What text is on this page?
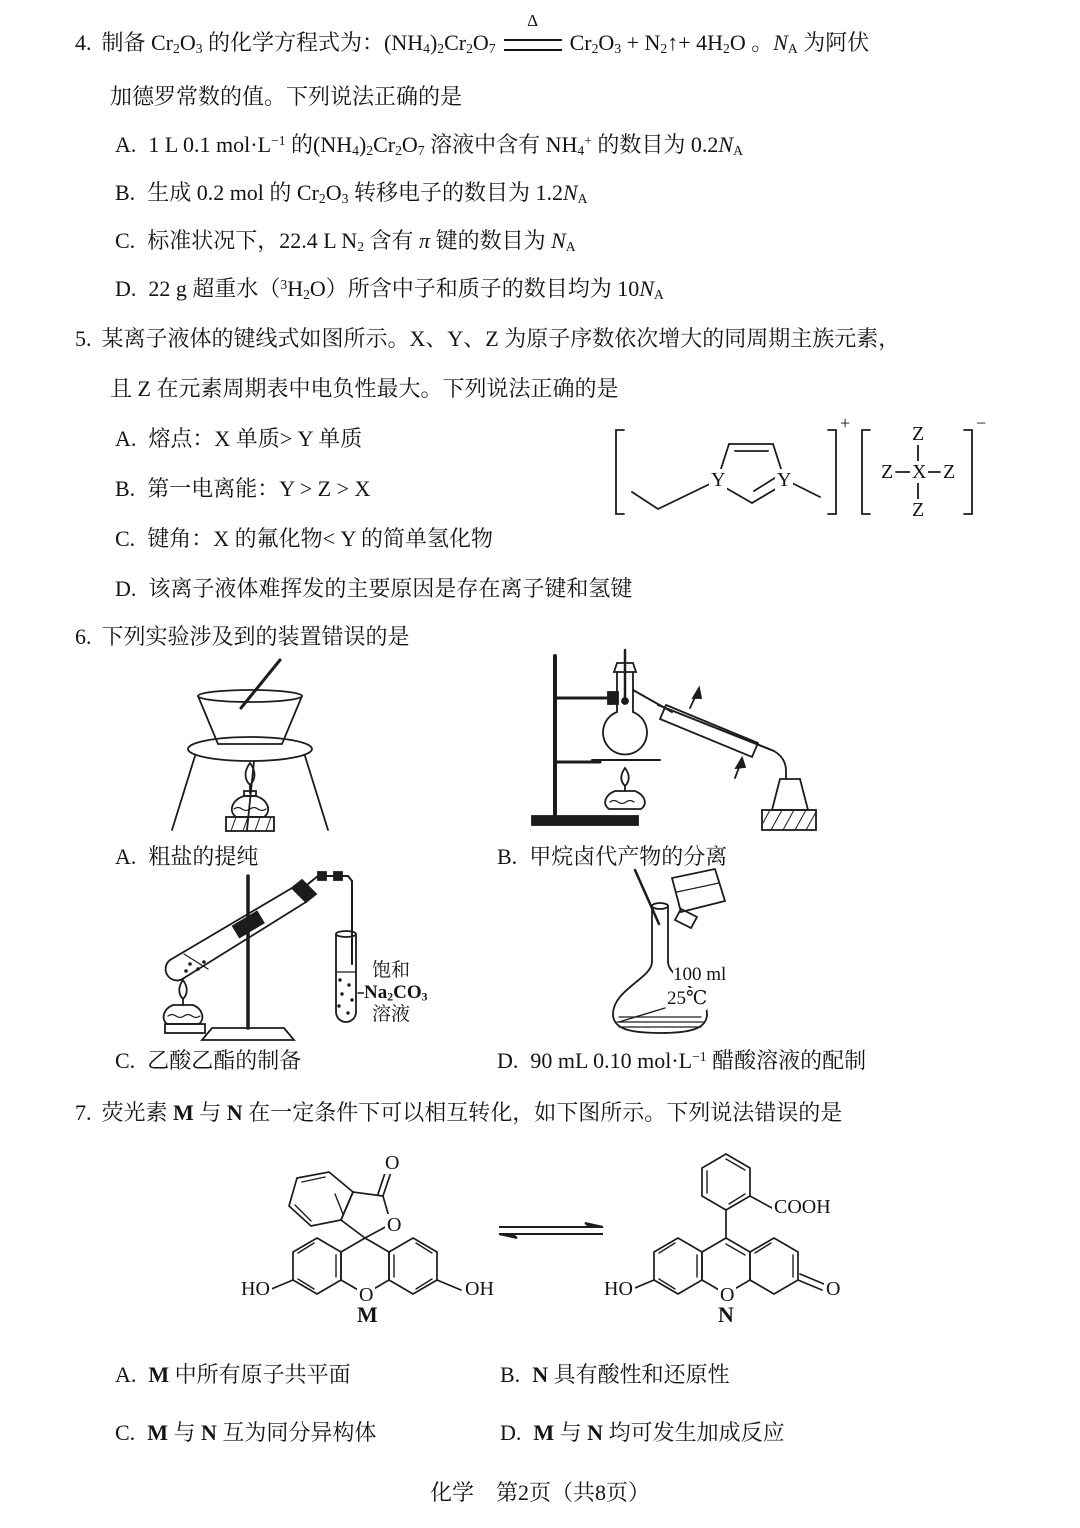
4. 制备 $Cr_2O_3$ 的化学方程式为：$(NH_4)_2Cr_2O_7$
Δ
$Cr_2O_3$ + $N_2↑+ 4H_2O$ 。$N_A$ 为阿伏
加德罗常数的值。下列说法正确的是
A. 1 L 0.1 $mol\cdot L^{-1}$ 的$(NH_4)_2Cr_2O_7$ 溶液中含有 $NH_4^+$ 的数目为 $0.2N_A$
B. 生成 0.2 mol 的 $Cr_2O_3$ 转移电子的数目为 $1.2N_A$
C. 标准状况下，22.4 L $N_2$ 含有 π 键的数目为 $N_A$
D. 22 g 超重水$(^3H_2O)$所含中子和质子的数目均为 $10N_A$
5. 某离子液体的键线式如图所示。X、Y、Z 为原子序数依次增大的同周期主族元素，
且 Z 在元素周期表中电负性最大。下列说法正确的是
A. 熔点：X 单质> Y 单质
B. 第一电离能：Y > Z > X
C. 键角：X 的氟化物< Y 的简单氢化物
D. 该离子液体难挥发的主要原因是存在离子键和氢键
Y	Y	X
Z
Z Z
Z
+	−
6. 下列实验涉及到的装置错误的是
A. 粗盐的提纯	B. 甲烷卤代产物的分离
饱和
$Na_2CO_3$
溶液
100 ml
25℃
C. 乙酸乙酯的制备	D. 90 mL 0.10 $mol\cdot L^{-1}$ 醋酸溶液的配制
7. 荧光素 M 与 N 在一定条件下可以相互转化，如下图所示。下列说法错误的是
HO	OH
O
O
O
M
HO	O	O
COOH
N
A. M 中所有原子共平面	B. N 具有酸性和还原性
C. M 与 N 互为同分异构体	D. M 与 N 均可发生加成反应
化学　第2页（共8页）
